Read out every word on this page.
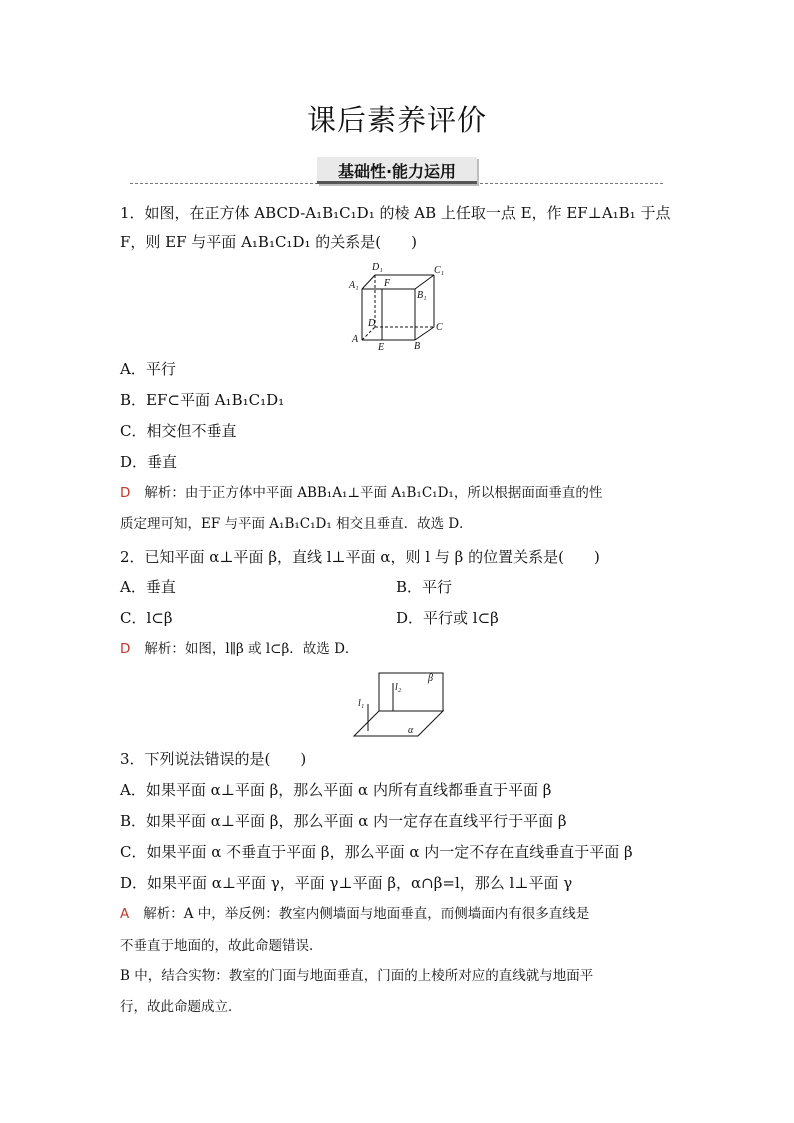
课后素养评价
基础性·能力运用
1．如图，在正方体 ABCD-A₁B₁C₁D₁ 的棱 AB 上任取一点 E，作 EF⊥A₁B₁ 于点
F，则 EF 与平面 A₁B₁C₁D₁ 的关系是(　　)
D₁	C₁
A₁	F
B₁
D	C
A
E	B
A．平行
B．EF⊂平面 A₁B₁C₁D₁
C．相交但不垂直
D．垂直
D 解析：由于正方体中平面 ABB₁A₁⊥平面 A₁B₁C₁D₁，所以根据面面垂直的性
质定理可知，EF 与平面 A₁B₁C₁D₁ 相交且垂直．故选 D．
2．已知平面 α⊥平面 β，直线 l⊥平面 α，则 l 与 β 的位置关系是(　　)
A．垂直	B．平行
C．l⊂β	D．平行或 l⊂β
D 解析：如图，l∥β 或 l⊂β．故选 D．
β
α
l₁
l₂
3．下列说法错误的是(　　)
A．如果平面 α⊥平面 β，那么平面 α 内所有直线都垂直于平面 β
B．如果平面 α⊥平面 β，那么平面 α 内一定存在直线平行于平面 β
C．如果平面 α 不垂直于平面 β，那么平面 α 内一定不存在直线垂直于平面 β
D．如果平面 α⊥平面 γ，平面 γ⊥平面 β，α∩β=l，那么 l⊥平面 γ
A 解析：A 中，举反例：教室内侧墙面与地面垂直，而侧墙面内有很多直线是
不垂直于地面的，故此命题错误．
B 中，结合实物：教室的门面与地面垂直，门面的上棱所对应的直线就与地面平
行，故此命题成立．
